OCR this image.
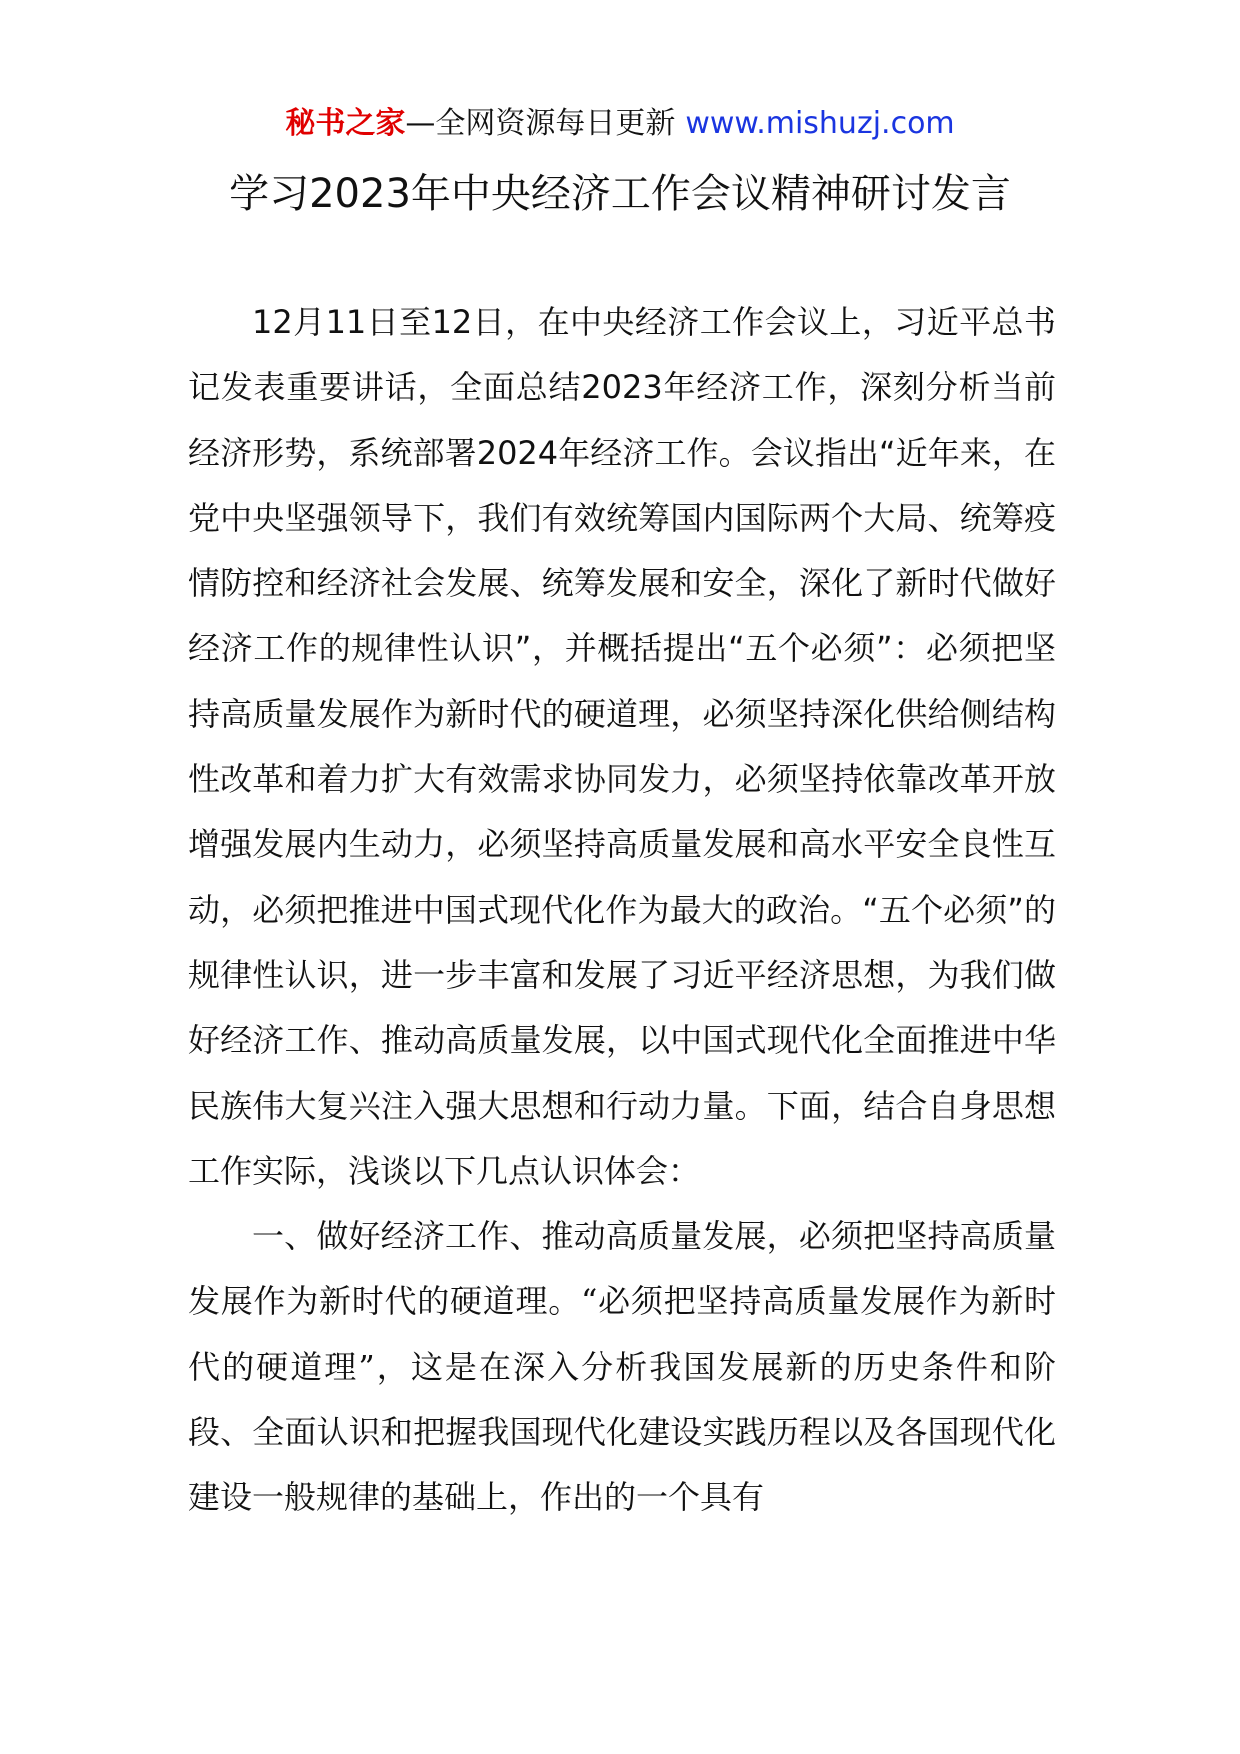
秘书之家—全网资源每日更新 www.mishuzj.com
学习2023年中央经济工作会议精神研讨发言

12月11日至12日，在中央经济工作会议上，习近平总书记发表重要讲话，全面总结2023年经济工作，深刻分析当前经济形势，系统部署2024年经济工作。会议指出“近年来，在党中央坚强领导下，我们有效统筹国内国际两个大局、统筹疫情防控和经济社会发展、统筹发展和安全，深化了新时代做好经济工作的规律性认识”，并概括提出“五个必须”：必须把坚持高质量发展作为新时代的硬道理，必须坚持深化供给侧结构性改革和着力扩大有效需求协同发力，必须坚持依靠改革开放增强发展内生动力，必须坚持高质量发展和高水平安全良性互动，必须把推进中国式现代化作为最大的政治。“五个必须”的规律性认识，进一步丰富和发展了习近平经济思想，为我们做好经济工作、推动高质量发展，以中国式现代化全面推进中华民族伟大复兴注入强大思想和行动力量。下面，结合自身思想工作实际，浅谈以下几点认识体会：

一、做好经济工作、推动高质量发展，必须把坚持高质量发展作为新时代的硬道理。“必须把坚持高质量发展作为新时代的硬道理”，这是在深入分析我国发展新的历史条件和阶段、全面认识和把握我国现代化建设实践历程以及各国现代化建设一般规律的基础上，作出的一个具有
